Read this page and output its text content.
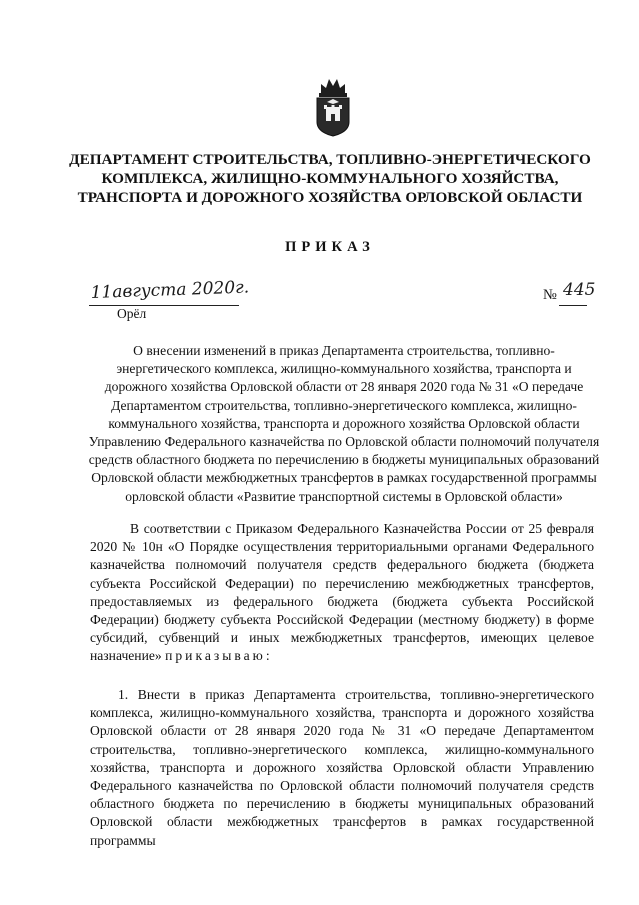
ДЕПАРТАМЕНТ СТРОИТЕЛЬСТВА, ТОПЛИВНО-ЭНЕРГЕТИЧЕСКОГО КОМПЛЕКСА, ЖИЛИЩНО-КОММУНАЛЬНОГО ХОЗЯЙСТВА, ТРАНСПОРТА И ДОРОЖНОГО ХОЗЯЙСТВА ОРЛОВСКОЙ ОБЛАСТИ
ПРИКАЗ
11августа 2020г.
Орёл
№ 445

О внесении изменений в приказ Департамента строительства, топливно-энергетического комплекса, жилищно-коммунального хозяйства, транспорта и дорожного хозяйства Орловской области от 28 января 2020 года № 31 «О передаче Департаментом строительства, топливно-энергетического комплекса, жилищно-коммунального хозяйства, транспорта и дорожного хозяйства Орловской области Управлению Федерального казначейства по Орловской области полномочий получателя средств областного бюджета по перечислению в бюджеты муниципальных образований Орловской области межбюджетных трансфертов в рамках государственной программы орловской области «Развитие транспортной системы в Орловской области»

В соответствии с Приказом Федерального Казначейства России от 25 февраля 2020 № 10н «О Порядке осуществления территориальными органами Федерального казначейства полномочий получателя средств федерального бюджета (бюджета субъекта Российской Федерации) по перечислению межбюджетных трансфертов, предоставляемых из федерального бюджета (бюджета субъекта Российской Федерации) бюджету субъекта Российской Федерации (местному бюджету) в форме субсидий, субвенций и иных межбюджетных трансфертов, имеющих целевое назначение» приказываю:

1. Внести в приказ Департамента строительства, топливно-энергетического комплекса, жилищно-коммунального хозяйства, транспорта и дорожного хозяйства Орловской области от 28 января 2020 года № 31 «О передаче Департаментом строительства, топливно-энергетического комплекса, жилищно-коммунального хозяйства, транспорта и дорожного хозяйства Орловской области Управлению Федерального казначейства по Орловской области полномочий получателя средств областного бюджета по перечислению в бюджеты муниципальных образований Орловской области межбюджетных трансфертов в рамках государственной программы
